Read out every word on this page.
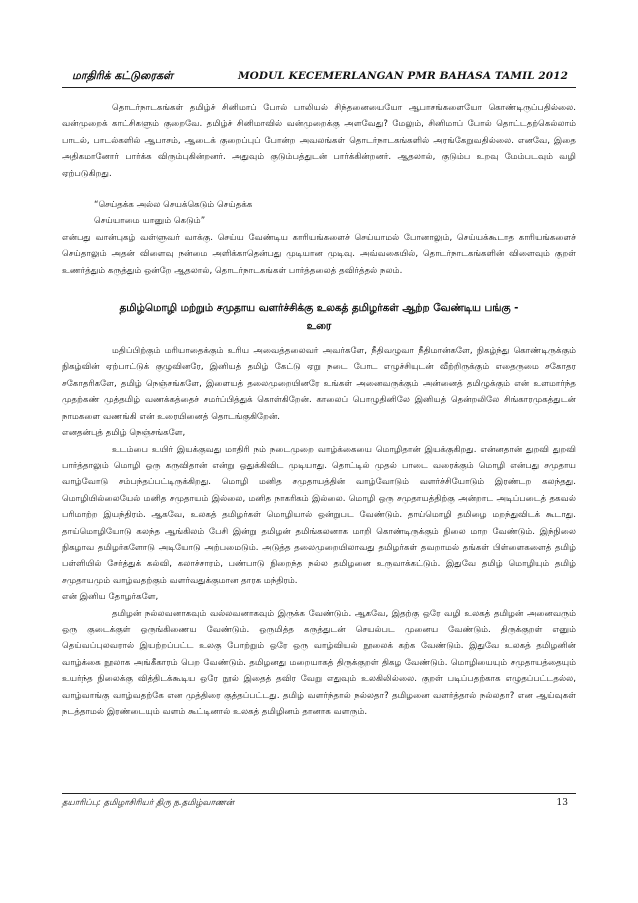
மாதிரிக் கட்டுரைகள்	MODUL KECEMERLANGAN PMR BAHASA TAMIL 2012

தொடர்நாடகங்கள் தமிழ்ச் சினிமாப் போல் பாலியல் சிந்தனையையோ ஆபாசங்களையோ கொண்டிருப்பதில்லை. வன்முறைக் காட்சிகளும் குறைவே. தமிழ்ச் சினிமாவில் வன்முறைக்கு அளவேது? மேலும், சினிமாப் போல் தொட்டதற்கெல்லாம் பாடல், பாடல்களில் ஆபாசம், ஆடைக் குறைப்புப் போன்ற அவலங்கள் தொடர்நாடகங்களில் அரங்கேறுவதில்லை. எனவே, இதை அதிகமானோர் பார்க்க விரும்புகின்றனர். அதுவும் குடும்பத்துடன் பார்க்கின்றனர். ஆதலால், குடும்ப உறவு மேம்படவும் வழி ஏற்படுகிறது.

“செய்தக்க அல்ல செயக்கெடும் செய்தக்க

செய்யாமை யானும் கெடும்”

என்பது வான்புகழ் வள்ளுவர் வாக்கு. செய்ய வேண்டிய காரியங்களைச் செய்யாமல் போனாலும், செய்யக்கூடாத காரியங்களைச் செய்தாலும் அதன் விளைவு நன்மை அளிக்காதென்பது முடியான முடிவு. அவ்வகையில், தொடர்நாடகங்களின் விளைவும் குறள் உணர்த்தும் கருத்தும் ஒன்றே ஆதலால், தொடர்நாடகங்கள் பார்த்தலைத் தவிர்த்தல் நலம்.

தமிழ்மொழி மற்றும் சமுதாய வளர்ச்சிக்கு உலகத் தமிழர்கள் ஆற்ற வேண்டிய பங்கு -
உரை

மதிப்பிற்கும் மரியாதைக்கும் உரிய அவைத்தலைவர் அவர்களே, நீதிவழுவா நீதிமான்களே, நிகழ்ந்து கொண்டிருக்கும் நிகழ்வின் ஏற்பாட்டுக் குழுவினரே, இனியத் தமிழ் கேட்டு ஏறு நடை போட எழுச்சியுடன் வீற்றிருக்கும் எதைருமை சகோதர சகோதரிகளே, தமிழ் நெஞ்சங்களே, இளையத் தலைமுறையினரே உங்கள் அனைவருக்கும் அன்னைத் தமிழுக்கும் என் உளமார்ந்த முதற்கண் முத்தமிழ் வணக்கத்தைச் சமர்ப்பித்துக் கொள்கிறேன். காலைப் பொழுதினிலே இனியத் தென்றலிலே சிங்காரமுகத்துடன் நாமகளை வணங்கி என் உரையினைத் தொடங்குகிறேன்.

எனதன்புத் தமிழ் நெஞ்சங்களே,

உடம்பை உயிர் இயக்குவது மாதிரி நம் நடைமுறை வாழ்க்கையை மொழிதான் இயக்குகிறது. என்னதான் துறவி துறவி பார்த்தாலும் மொழி ஒரு கருவிதான் என்று ஒதுக்கிவிட முடியாது. தொட்டில் முதல் பாடை வரைக்கும் மொழி என்பது சமுதாய வாழ்வோடு சம்பந்தப்பட்டிருக்கிறது. மொழி மனித சமுதாயத்தின் வாழ்வோடும் வளர்ச்சியோடும் இரண்டற கலந்தது. மொழியில்லையேல் மனித சமுதாயம் இல்லை, மனித நாகரிகம் இல்லை. மொழி ஒரு சமுதாயத்திற்கு அன்றாட அடிப்படைத் தகவல் பரிமாற்ற இயந்திரம். ஆகவே, உலகத் தமிழர்கள் மொழியால் ஒன்றுபட வேண்டும். தாய்மொழி தமிழை மறந்துவிடக் கூடாது. தாய்மொழியோடு கலந்த ஆங்கிலம் பேசி இன்று தமிழன் தமிங்கலனாக மாறி கொண்டிருக்கும் நிலை மாற வேண்டும். இந்நிலை நிகழாவ தமிழர்களோடு அடியோடு அற்பமைடும். அடுத்த தலைமுறையிலாவது தமிழர்கள் தவறாமல் தங்கள் பிள்ளைகளைத் தமிழ் பள்ளியில் சேர்த்துக் கல்வி, கலாச்சாரம், பண்பாடு நிறைந்த நல்ல தமிழனை உருவாக்கட்டும். இதுவே தமிழ் மொழியும் தமிழ் சமுதாயமும் வாழ்வதற்கும் வளர்வதுக்குமான தாரக மந்திரம்.

என் இனிய தோழர்களே,

தமிழன் நல்லவனாகவும் வல்லவனாகவும் இருக்க வேண்டும். ஆகவே, இதற்கு ஒரே வழி உலகத் தமிழன் அனைவரும் ஒரு குடைக்குள் ஒருங்கிணைய வேண்டும். ஒருமித்த கருத்துடன் செயல்பட முனைய வேண்டும். திருக்குறள் எனும் தெய்வப்புலவரால் இயற்றப்பட்ட உலகு போற்றும் ஒரே ஒரு வாழ்வியல் நூலைக் கற்க வேண்டும். இதுவே உலகத் தமிழனின் வாழ்க்கை நூலாக அங்கீகாரம் பெற வேண்டும். தமிழனது மறையாகத் திருக்குறள் திகழ வேண்டும். மொழியையும் சமுதாயத்தையும் உயர்ந்த நிலைக்கு வித்திடக்கூடிய ஒரே நூல் இதைத் தவிர வேறு எதுவும் உலகிலில்லை. குறள் படிப்பதற்காக எழுதப்பட்டதல்ல, வாழ்வாங்கு வாழ்வதற்கே என முத்திரை குத்தப்பட்டது. தமிழ் வளர்ந்தால் நல்லதா? தமிழனை வளர்த்தால் நல்லதா? என ஆய்வுகள் நடத்தாமல் இரண்டையும் வளம் கூட்டினால் உலகத் தமிழினம் தானாக வளரும்.

தயாரிப்பு: தமிழாசிரியர் திரு ந.தமிழ்வாணன்	13
